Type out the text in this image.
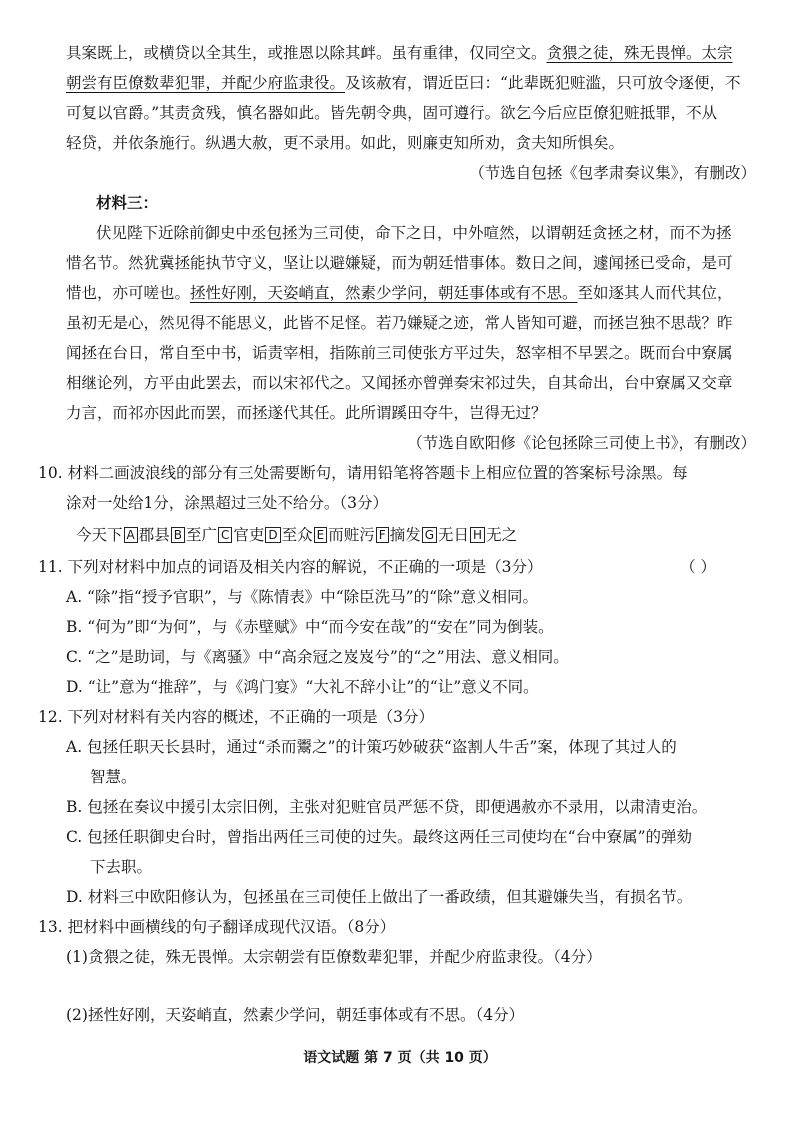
具案既上，或横贷以全其生，或推恩以除其衅。虽有重律，仅同空文。贪猥之徒，殊无畏惮。太宗
朝尝有臣僚数辈犯罪，并配少府监隶役。及该赦宥，谓近臣曰：“此辈既犯赃滥，只可放令逐便，不
可复以官爵。”其责贪残，慎名器如此。皆先朝令典，固可遵行。欲乞今后应臣僚犯赃抵罪，不从
轻贷，并依条施行。纵遇大赦，更不录用。如此，则廉吏知所劝，贪夫知所惧矣。
（节选自包拯《包孝肃奏议集》，有删改）
材料三：
伏见陛下近除前御史中丞包拯为三司使，命下之日，中外喧然，以谓朝廷贪拯之材，而不为拯
惜名节。然犹冀拯能执节守义，坚让以避嫌疑，而为朝廷惜事体。数日之间，遽闻拯已受命，是可
惜也，亦可嗟也。拯性好刚，天姿峭直，然素少学问，朝廷事体或有不思。至如逐其人而代其位，
虽初无是心，然见得不能思义，此皆不足怪。若乃嫌疑之迹，常人皆知可避，而拯岂独不思哉？昨
闻拯在台日，常自至中书，诟责宰相，指陈前三司使张方平过失，怒宰相不早罢之。既而台中寮属
相继论列，方平由此罢去，而以宋祁代之。又闻拯亦曾弹奏宋祁过失，自其命出，台中寮属又交章
力言，而祁亦因此而罢，而拯遂代其任。此所谓蹊田夺牛，岂得无过？
（节选自欧阳修《论包拯除三司使上书》，有删改）
10. 材料二画波浪线的部分有三处需要断句，请用铅笔将答题卡上相应位置的答案标号涂黑。每
涂对一处给1分，涂黑超过三处不给分。（3分）
今天下 A 郡县 B 至广 C 官吏 D 至众 E 而赃污 F 摘发 G 无日 H 无之
11. 下列对材料中加点的词语及相关内容的解说，不正确的一项是（3分）	（ ）
A. “除”指“授予官职”，与《陈情表》中“除臣洗马”的“除”意义相同。
B. “何为”即“为何”，与《赤壁赋》中“而今安在哉”的“安在”同为倒装。
C. “之”是助词，与《离骚》中“高余冠之岌岌兮”的“之”用法、意义相同。
D. “让”意为“推辞”，与《鸿门宴》“大礼不辞小让”的“让”意义不同。
12. 下列对材料有关内容的概述，不正确的一项是（3分）
A. 包拯任职天长县时，通过“杀而鬻之”的计策巧妙破获“盗割人牛舌”案，体现了其过人的
智慧。
B. 包拯在奏议中援引太宗旧例，主张对犯赃官员严惩不贷，即便遇赦亦不录用，以肃清吏治。
C. 包拯任职御史台时，曾指出两任三司使的过失。最终这两任三司使均在“台中寮属”的弹劾
下去职。
D. 材料三中欧阳修认为，包拯虽在三司使任上做出了一番政绩，但其避嫌失当，有损名节。
13. 把材料中画横线的句子翻译成现代汉语。（8分）
(1)贪猥之徒，殊无畏惮。太宗朝尝有臣僚数辈犯罪，并配少府监隶役。（4分）
(2)拯性好刚，天姿峭直，然素少学问，朝廷事体或有不思。（4分）
语文试题 第 7 页（共 10 页）
